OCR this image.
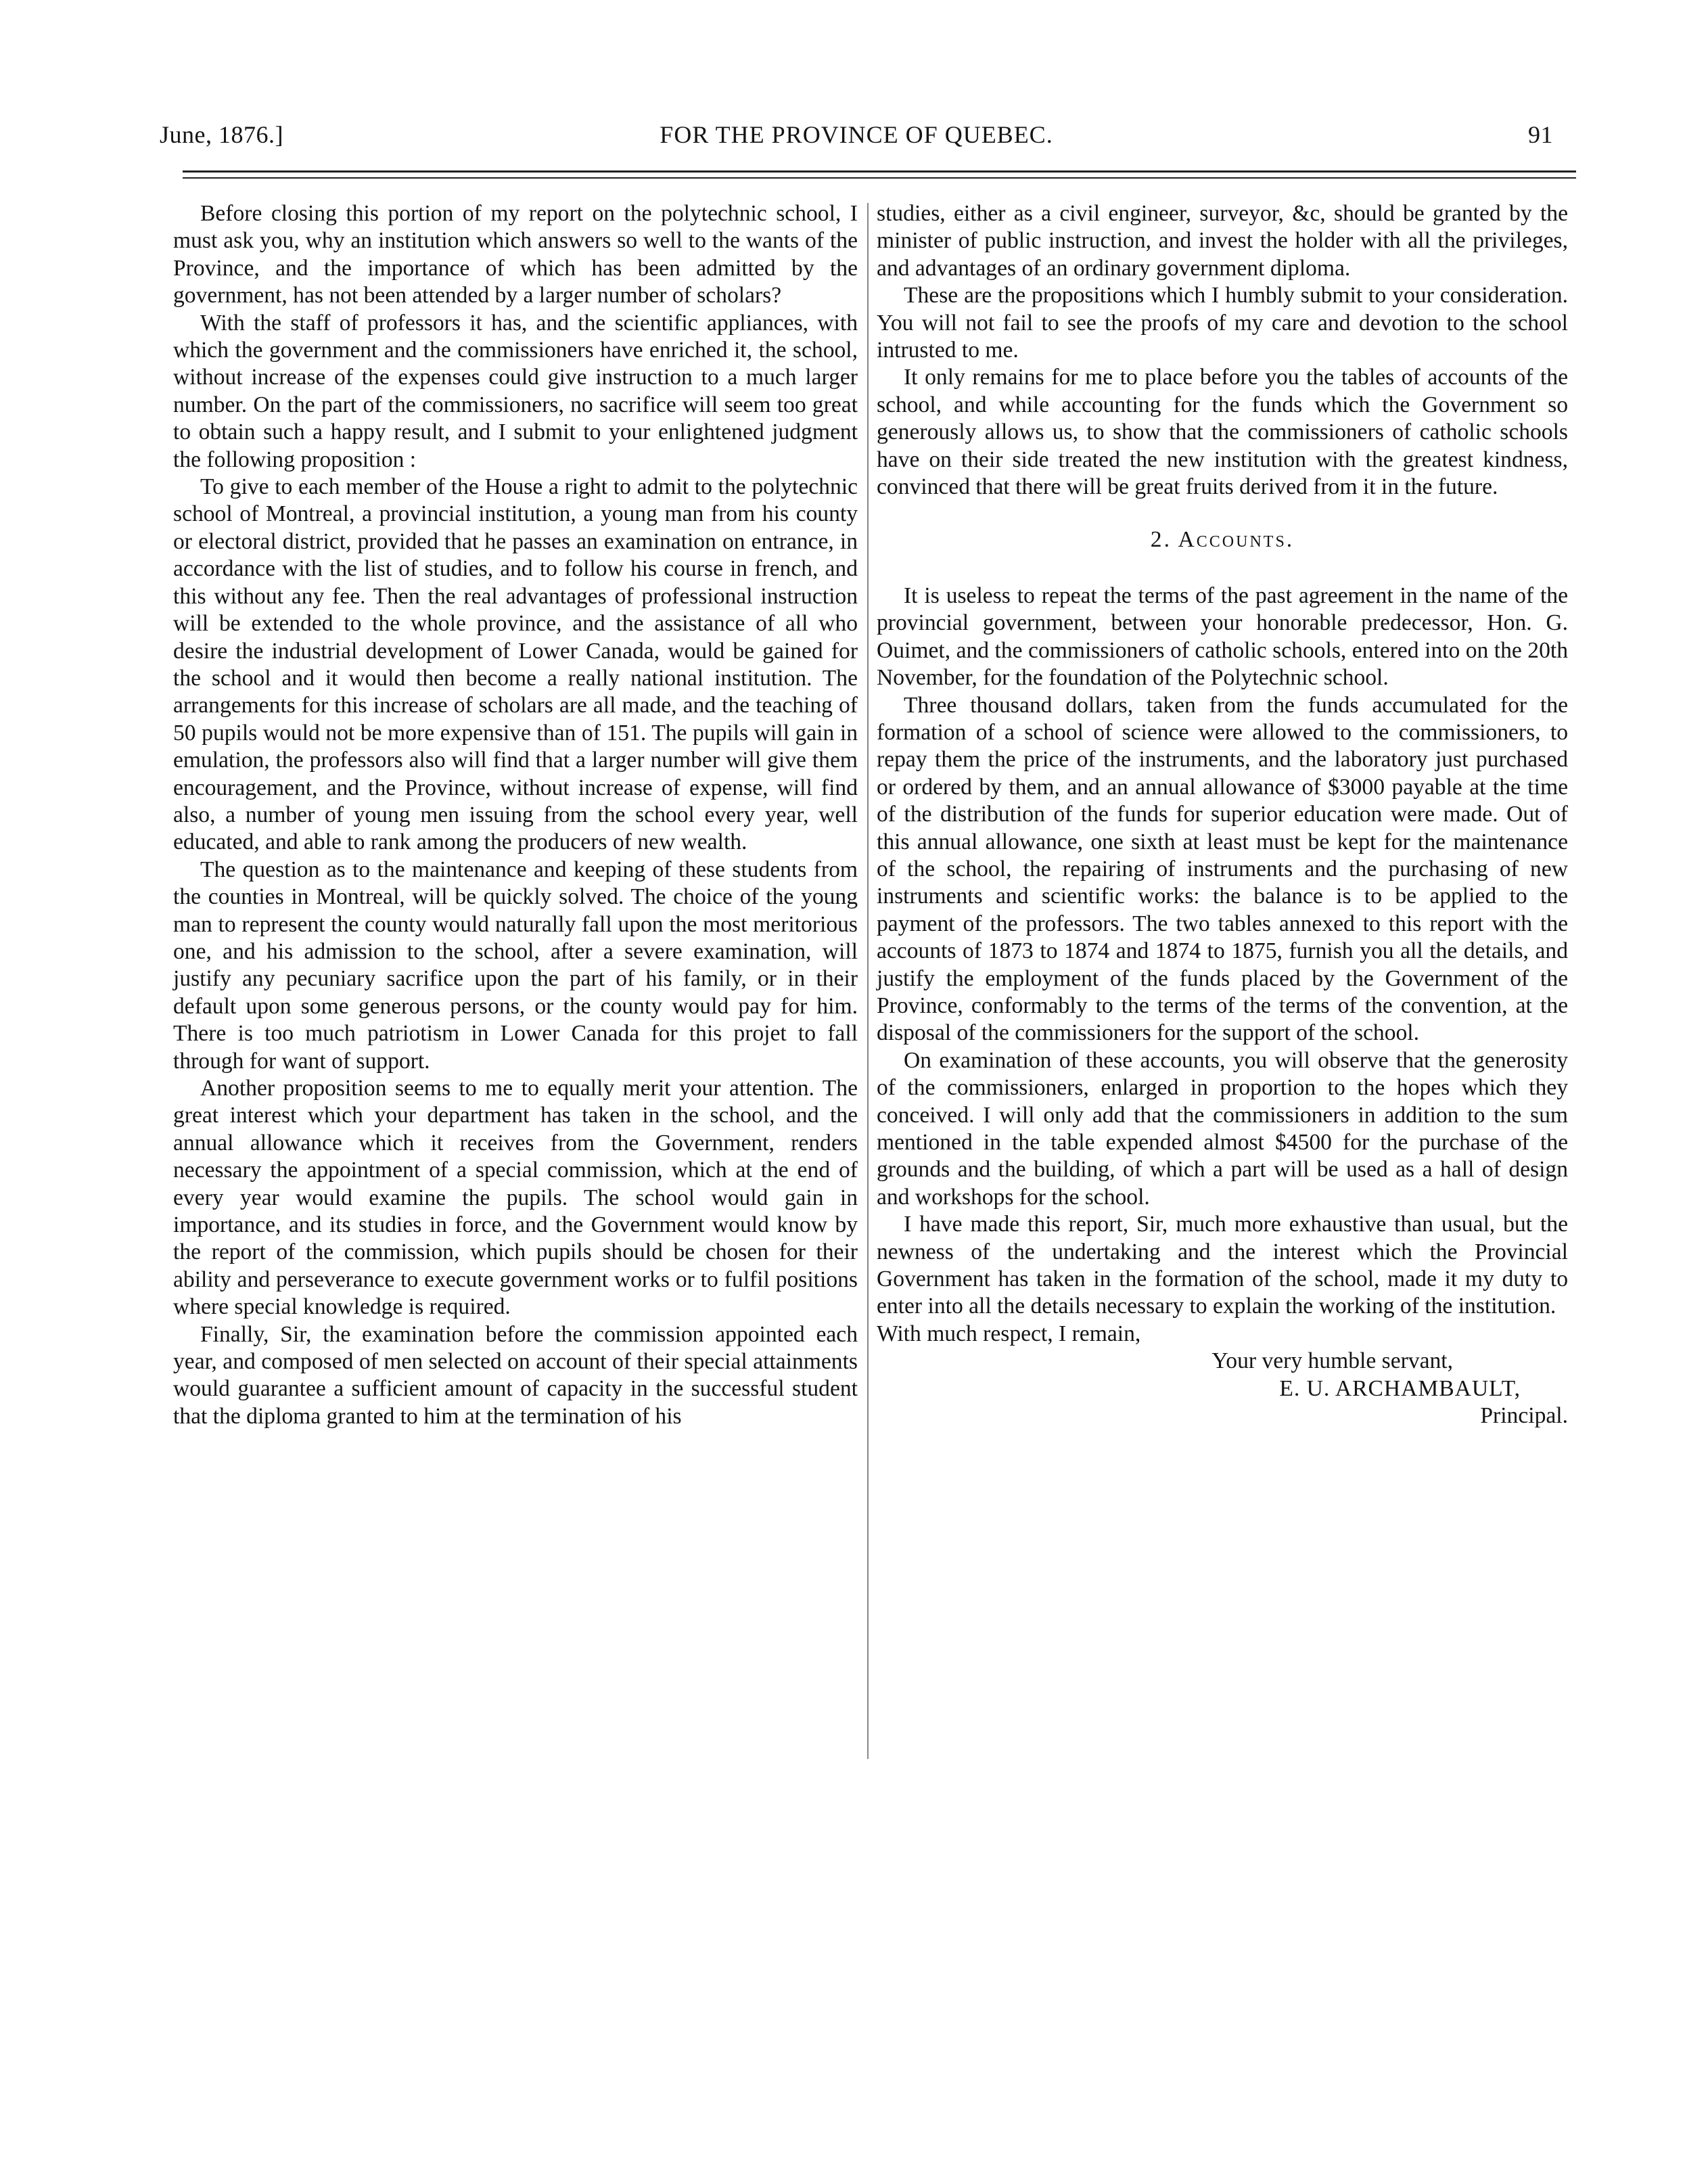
June, 1876.]	FOR THE PROVINCE OF QUEBEC.	91

Before closing this portion of my report on the polytechnic school, I must ask you, why an institution which answers so well to the wants of the Province, and the importance of which has been admitted by the government, has not been attended by a larger number of scholars?

With the staff of professors it has, and the scientific appliances, with which the government and the commissioners have enriched it, the school, without increase of the expenses could give instruction to a much larger number. On the part of the commissioners, no sacrifice will seem too great to obtain such a happy result, and I submit to your enlightened judgment the following proposition :

To give to each member of the House a right to admit to the polytechnic school of Montreal, a provincial institution, a young man from his county or electoral district, provided that he passes an examination on entrance, in accordance with the list of studies, and to follow his course in french, and this without any fee. Then the real advantages of professional instruction will be extended to the whole province, and the assistance of all who desire the industrial development of Lower Canada, would be gained for the school and it would then become a really national institution. The arrangements for this increase of scholars are all made, and the teaching of 50 pupils would not be more expensive than of 151. The pupils will gain in emulation, the professors also will find that a larger number will give them encouragement, and the Province, without increase of expense, will find also, a number of young men issuing from the school every year, well educated, and able to rank among the producers of new wealth.

The question as to the maintenance and keeping of these students from the counties in Montreal, will be quickly solved. The choice of the young man to represent the county would naturally fall upon the most meritorious one, and his admission to the school, after a severe examination, will justify any pecuniary sacrifice upon the part of his family, or in their default upon some generous persons, or the county would pay for him. There is too much patriotism in Lower Canada for this projet to fall through for want of support.

Another proposition seems to me to equally merit your attention. The great interest which your department has taken in the school, and the annual allowance which it receives from the Government, renders necessary the appointment of a special commission, which at the end of every year would examine the pupils. The school would gain in importance, and its studies in force, and the Government would know by the report of the commission, which pupils should be chosen for their ability and perseverance to execute government works or to fulfil positions where special knowledge is required.

Finally, Sir, the examination before the commission appointed each year, and composed of men selected on account of their special attainments would guarantee a sufficient amount of capacity in the successful student that the diploma granted to him at the termination of his

studies, either as a civil engineer, surveyor, &c, should be granted by the minister of public instruction, and invest the holder with all the privileges, and advantages of an ordinary government diploma.

These are the propositions which I humbly submit to your consideration. You will not fail to see the proofs of my care and devotion to the school intrusted to me.

It only remains for me to place before you the tables of accounts of the school, and while accounting for the funds which the Government so generously allows us, to show that the commissioners of catholic schools have on their side treated the new institution with the greatest kindness, convinced that there will be great fruits derived from it in the future.

2. Accounts.

It is useless to repeat the terms of the past agreement in the name of the provincial government, between your honorable predecessor, Hon. G. Ouimet, and the commissioners of catholic schools, entered into on the 20th November, for the foundation of the Polytechnic school.

Three thousand dollars, taken from the funds accumulated for the formation of a school of science were allowed to the commissioners, to repay them the price of the instruments, and the laboratory just purchased or ordered by them, and an annual allowance of $3000 payable at the time of the distribution of the funds for superior education were made. Out of this annual allowance, one sixth at least must be kept for the maintenance of the school, the repairing of instruments and the purchasing of new instruments and scientific works: the balance is to be applied to the payment of the professors. The two tables annexed to this report with the accounts of 1873 to 1874 and 1874 to 1875, furnish you all the details, and justify the employment of the funds placed by the Government of the Province, conformably to the terms of the terms of the convention, at the disposal of the commissioners for the support of the school.

On examination of these accounts, you will observe that the generosity of the commissioners, enlarged in proportion to the hopes which they conceived. I will only add that the commissioners in addition to the sum mentioned in the table expended almost $4500 for the purchase of the grounds and the building, of which a part will be used as a hall of design and workshops for the school.

I have made this report, Sir, much more exhaustive than usual, but the newness of the undertaking and the interest which the Provincial Government has taken in the formation of the school, made it my duty to enter into all the details necessary to explain the working of the institution.

With much respect, I remain,

Your very humble servant,

E. U. ARCHAMBAULT,

Principal.
